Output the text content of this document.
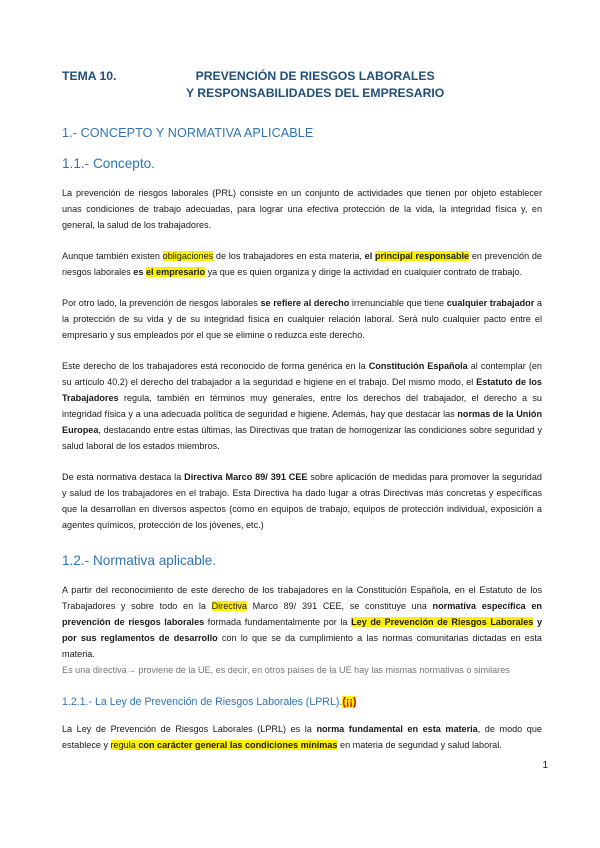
TEMA 10.	PREVENCIÓN DE RIESGOS LABORALES
Y RESPONSABILIDADES DEL EMPRESARIO
1.- CONCEPTO Y NORMATIVA APLICABLE
1.1.- Concepto.

La prevención de riesgos laborales (PRL) consiste en un conjunto de actividades que tienen por objeto establecer unas condiciones de trabajo adecuadas, para lograr una efectiva protección de la vida, la integridad física y, en general, la salud de los trabajadores.

Aunque también existen obligaciones de los trabajadores en esta materia, el principal responsable en prevención de riesgos laborales es el empresario ya que es quien organiza y dirige la actividad en cualquier contrato de trabajo.

Por otro lado, la prevención de riesgos laborales se refiere al derecho irrenunciable que tiene cualquier trabajador a la protección de su vida y de su integridad física en cualquier relación laboral. Será nulo cualquier pacto entre el empresario y sus empleados por el que se elimine o reduzca este derecho.

Este derecho de los trabajadores está reconocido de forma genérica en la Constitución Española al contemplar (en su artículo 40.2) el derecho del trabajador a la seguridad e higiene en el trabajo. Del mismo modo, el Estatuto de los Trabajadores regula, también en términos muy generales, entre los derechos del trabajador, el derecho a su integridad física y a una adecuada política de seguridad e higiene. Además, hay que destacar las normas de la Unión Europea, destacando entre estas últimas, las Directivas que tratan de homogenizar las condiciones sobre seguridad y salud laboral de los estados miembros.

De esta normativa destaca la Directiva Marco 89/ 391 CEE sobre aplicación de medidas para promover la seguridad y salud de los trabajadores en el trabajo. Esta Directiva ha dado lugar a otras Directivas más concretas y específicas que la desarrollan en diversos aspectos (como en equipos de trabajo, equipos de protección individual, exposición a agentes químicos, protección de los jóvenes, etc.)

1.2.- Normativa aplicable.

A partir del reconocimiento de este derecho de los trabajadores en la Constitución Española, en el Estatuto de los Trabajadores y sobre todo en la Directiva Marco 89/ 391 CEE, se constituye una normativa específica en prevención de riesgos laborales formada fundamentalmente por la Ley de Prevención de Riesgos Laborales y por sus reglamentos de desarrollo con lo que se da cumplimiento a las normas comunitarias dictadas en esta materia.

Es una directiva→ proviene de la UE, es decir, en otros países de la UE hay las mismas normativas o similares

1.2.1.- La Ley de Prevención de Riesgos Laborales (LPRL).(¡¡)

La Ley de Prevención de Riesgos Laborales (LPRL) es la norma fundamental en esta materia, de modo que establece y regula con carácter general las condiciones mínimas en materia de seguridad y salud laboral.

1
